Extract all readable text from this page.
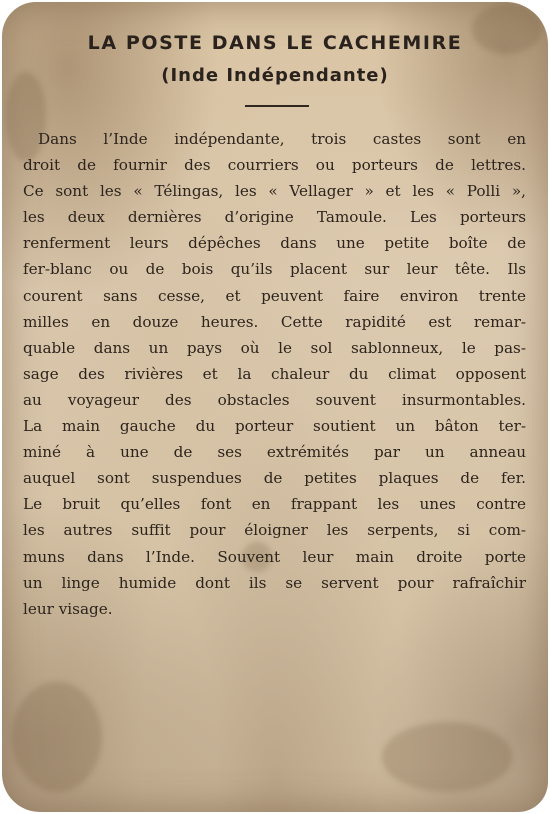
LA POSTE DANS LE CACHEMIRE
(Inde Indépendante)
Dans l’Inde indépendante, trois castes sont en
droit de fournir des courriers ou porteurs de lettres.
Ce sont les « Télingas, les « Vellager » et les « Polli »,
les deux dernières d’origine Tamoule. Les porteurs
renferment leurs dépêches dans une petite boîte de
fer-blanc ou de bois qu’ils placent sur leur tête. Ils
courent sans cesse, et peuvent faire environ trente
milles en douze heures. Cette rapidité est remar-
quable dans un pays où le sol sablonneux, le pas-
sage des rivières et la chaleur du climat opposent
au voyageur des obstacles souvent insurmontables.
La main gauche du porteur soutient un bâton ter-
miné à une de ses extrémités par un anneau
auquel sont suspendues de petites plaques de fer.
Le bruit qu’elles font en frappant les unes contre
les autres suffit pour éloigner les serpents, si com-
muns dans l’Inde. Souvent leur main droite porte
un linge humide dont ils se servent pour rafraîchir
leur visage.
